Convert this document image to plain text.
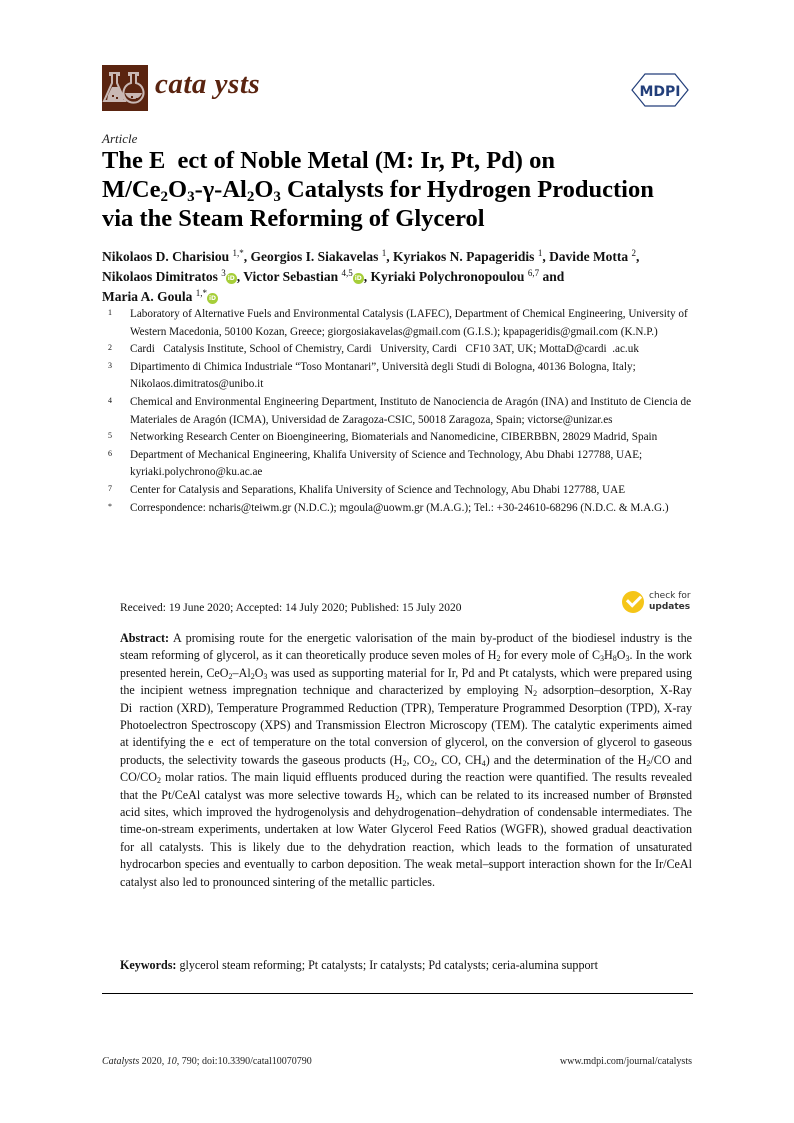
cata ysts	MDPI
Article
The E  ect of Noble Metal (M: Ir, Pt, Pd) on
$M/Ce_2O_3-\gamma-Al_2O_3$ Catalysts for Hydrogen Production
via the Steam Reforming of Glycerol
Nikolaos D. Charisiou $^{1,*}$, Georgios I. Siakavelas $^1$, Kyriakos N. Papageridis $^1$, Davide Motta $^2$,
Nikolaos Dimitratos $^3$iD , Victor Sebastian $^{4,5}$iD , Kyriaki Polychronopoulou $^{6,7}$ and
Maria A. Goula $^{1,*}$iD
1	Laboratory of Alternative Fuels and Environmental Catalysis (LAFEC), Department of Chemical Engineering, University of Western Macedonia, 50100 Kozan, Greece; giorgosiakavelas@gmail.com (G.I.S.); kpapageridis@gmail.com (K.N.P.)
2	Cardi   Catalysis Institute, School of Chemistry, Cardi   University, Cardi   CF10 3AT, UK; MottaD@cardi  .ac.uk
3	Dipartimento di Chimica Industriale “Toso Montanari”, Università degli Studi di Bologna, 40136 Bologna, Italy; Nikolaos.dimitratos@unibo.it
4	Chemical and Environmental Engineering Department, Instituto de Nanociencia de Aragón (INA) and Instituto de Ciencia de Materiales de Aragón (ICMA), Universidad de Zaragoza-CSIC, 50018 Zaragoza, Spain; victorse@unizar.es
5	Networking Research Center on Bioengineering, Biomaterials and Nanomedicine, CIBERBBN, 28029 Madrid, Spain
6	Department of Mechanical Engineering, Khalifa University of Science and Technology, Abu Dhabi 127788, UAE; kyriaki.polychrono@ku.ac.ae
7	Center for Catalysis and Separations, Khalifa University of Science and Technology, Abu Dhabi 127788, UAE
*	Correspondence: ncharis@teiwm.gr (N.D.C.); mgoula@uowm.gr (M.A.G.); Tel.: +30-24610-68296 (N.D.C. & M.A.G.)
Received: 19 June 2020; Accepted: 14 July 2020; Published: 15 July 2020
check for
updates
Abstract: A promising route for the energetic valorisation of the main by-product of the biodiesel industry is the steam reforming of glycerol, as it can theoretically produce seven moles of $H_2$ for every mole of $C_3H_8O_3$. In the work presented herein, $CeO_2-Al_2O_3$ was used as supporting material for Ir, Pd and Pt catalysts, which were prepared using the incipient wetness impregnation technique and characterized by employing $N_2$ adsorption–desorption, X-Ray Di  raction (XRD), Temperature Programmed Reduction (TPR), Temperature Programmed Desorption (TPD), X-ray Photoelectron Spectroscopy (XPS) and Transmission Electron Microscopy (TEM). The catalytic experiments aimed at identifying the e  ect of temperature on the total conversion of glycerol, on the conversion of glycerol to gaseous products, the selectivity towards the gaseous products ($H_2$, $CO_2$, CO, $CH_4$) and the determination of the $H_2/CO$ and $CO/CO_2$ molar ratios. The main liquid effluents produced during the reaction were quantified. The results revealed that the Pt/CeAl catalyst was more selective towards $H_2$, which can be related to its increased number of Brønsted acid sites, which improved the hydrogenolysis and dehydrogenation–dehydration of condensable intermediates. The time-on-stream experiments, undertaken at low Water Glycerol Feed Ratios (WGFR), showed gradual deactivation for all catalysts. This is likely due to the dehydration reaction, which leads to the formation of unsaturated hydrocarbon species and eventually to carbon deposition. The weak metal–support interaction shown for the Ir/CeAl catalyst also led to pronounced sintering of the metallic particles.
Keywords: glycerol steam reforming; Pt catalysts; Ir catalysts; Pd catalysts; ceria-alumina support
Catalysts 2020, 10, 790; doi:10.3390/catal10070790	www.mdpi.com/journal/catalysts
